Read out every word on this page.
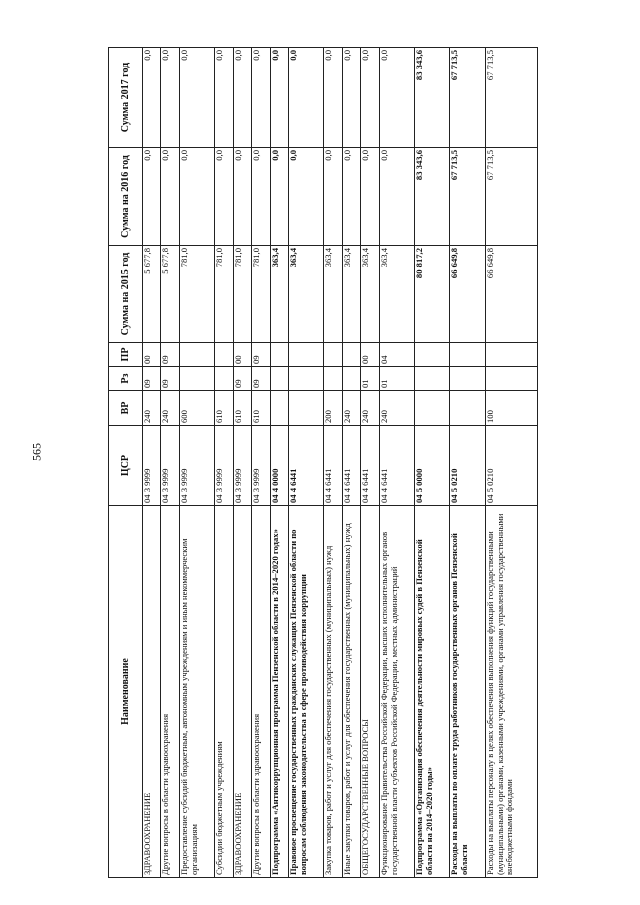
565
Наименование	ЦСР	ВР	Рз	ПР	Сумма на 2015 год	Сумма на 2016 год	Сумма 2017 год
ЗДРАВООХРАНЕНИЕ	04 3 9999	240	09	00	5 677,8	0,0	0,0
Другие вопросы в области здравоохранения	04 3 9999	240	09	09	5 677,8	0,0	0,0
Предоставление субсидий бюджетным, автономным учреждениям и иным некоммерческим организациям	04 3 9999	600			781,0	0,0	0,0
Субсидии бюджетным учреждениям	04 3 9999	610			781,0	0,0	0,0
ЗДРАВООХРАНЕНИЕ	04 3 9999	610	09	00	781,0	0,0	0,0
Другие вопросы в области здравоохранения	04 3 9999	610	09	09	781,0	0,0	0,0
Подпрограмма «Антикоррупционная программа Пензенской области в 2014–2020 годах»	04 4 0000				363,4	0,0	0,0
Правовое просвещение государственных гражданских служащих Пензенской области по вопросам соблюдения законодательства в сфере противодействия коррупции	04 4 6441				363,4	0,0	0,0
Закупка товаров, работ и услуг для обеспечения государственных (муниципальных) нужд	04 4 6441	200			363,4	0,0	0,0
Иные закупки товаров, работ и услуг для обеспечения государственных (муниципальных) нужд	04 4 6441	240			363,4	0,0	0,0
ОБЩЕГОСУДАРСТВЕННЫЕ ВОПРОСЫ	04 4 6441	240	01	00	363,4	0,0	0,0
Функционирование Правительства Российской Федерации, высших исполнительных органов государственной власти субъектов Российской Федерации, местных администраций	04 4 6441	240	01	04	363,4	0,0	0,0
Подпрограмма «Организация обеспечения деятельности мировых судей в Пензенской области на 2014–2020 годы»	04 5 0000				80 817,2	83 343,6	83 343,6
Расходы на выплаты по оплате труда работников государственных органов Пензенской области	04 5 0210				66 649,8	67 713,5	67 713,5
Расходы на выплаты персоналу в целях обеспечения выполнения функций государственными (муниципальными) органами, казенными учреждениями, органами управления государственными внебюджетными фондами	04 5 0210	100			66 649,8	67 713,5	67 713,5
